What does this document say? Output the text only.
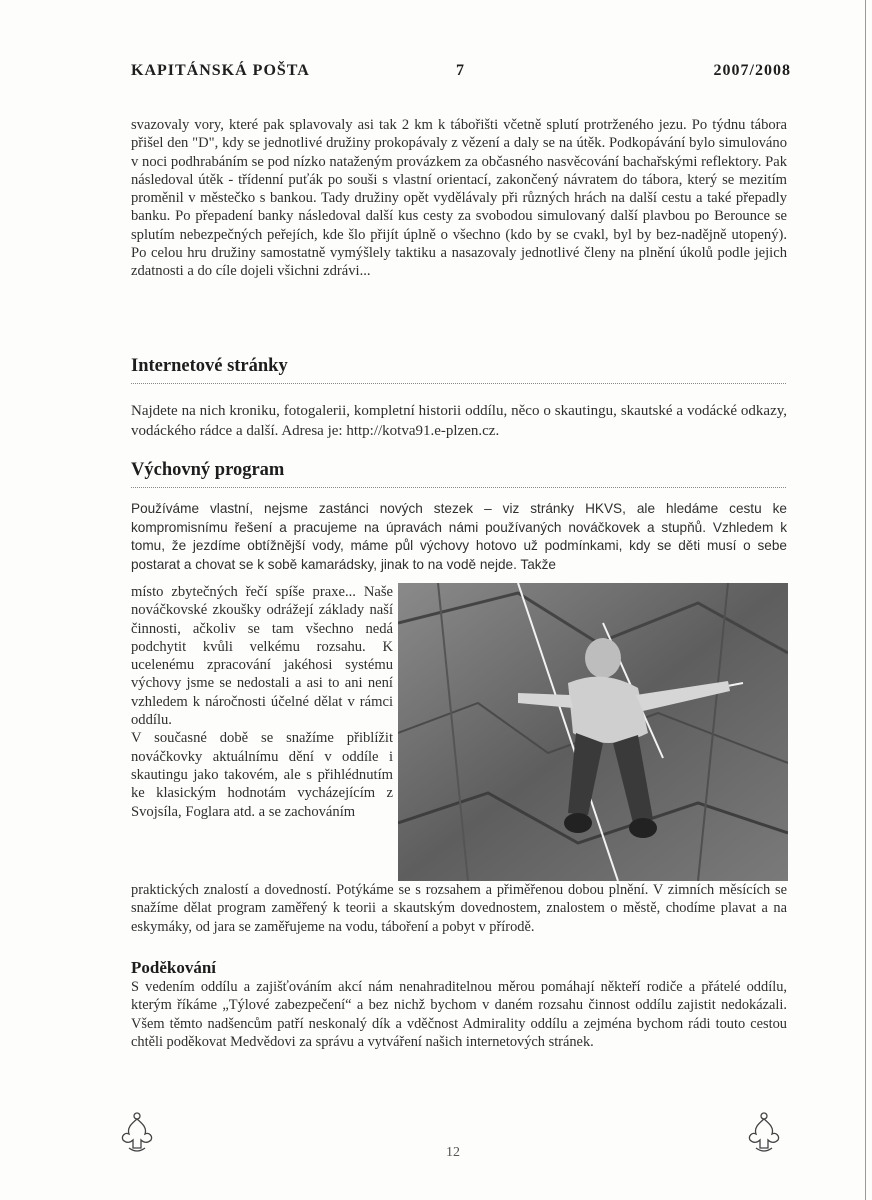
KAPITÁNSKÁ POŠTA	7	2007/2008
svazovaly vory, které pak splavovaly asi tak 2 km k tábořišti včetně splutí protrženého jezu. Po týdnu tábora přišel den "D", kdy se jednotlivé družiny prokopávaly z vězení a daly se na útěk. Podkopávání bylo simulováno v noci podhrabáním se pod nízko nataženým provázkem za občasného nasvěcování bachařskými reflektory. Pak následoval útěk - třídenní puťák po souši s vlastní orientací, zakončený návratem do tábora, který se mezitím proměnil v městečko s bankou. Tady družiny opět vydělávaly při různých hrách na další cestu a také přepadly banku. Po přepadení banky následoval další kus cesty za svobodou simulovaný další plavbou po Berounce se splutím nebezpečných peřejích, kde šlo přijít úplně o všechno (kdo by se cvakl, byl by bez-nadějně utopený). Po celou hru družiny samostatně vymýšlely taktiku a nasazovaly jednotlivé členy na plnění úkolů podle jejich zdatnosti a do cíle dojeli všichni zdrávi...
Internetové stránky
Najdete na nich kroniku, fotogalerii, kompletní historii oddílu, něco o skautingu, skautské a vodácké odkazy, vodáckého rádce a další. Adresa je: http://kotva91.e-plzen.cz.
Výchovný program
Používáme vlastní, nejsme zastánci nových stezek – viz stránky HKVS, ale hledáme cestu ke kompromisnímu řešení a pracujeme na úpravách námi používaných nováčkovek a stupňů. Vzhledem k tomu, že jezdíme obtížnější vody, máme půl výchovy hotovo už podmínkami, kdy se děti musí o sebe postarat a chovat se k sobě kamarádsky, jinak to na vodě nejde. Takže

místo zbytečných řečí spíše praxe... Naše nováčkovské zkoušky odrážejí základy naší činnosti, ačkoliv se tam všechno nedá podchytit kvůli velkému rozsahu. K ucelenému zpracování jakéhosi systému výchovy jsme se nedostali a asi to ani není vzhledem k náročnosti účelné dělat v rámci oddílu.

V současné době se snažíme přiblížit nováčkovky aktuálnímu dění v oddíle i skautingu jako takovém, ale s přihlédnutím ke klasickým hodnotám vycházejícím z Svojsíla, Foglara atd. a se zachováním

praktických znalostí a dovedností. Potýkáme se s rozsahem a přiměřenou dobou plnění. V zimních měsících se snažíme dělat program zaměřený k teorii a skautským dovednostem, znalostem o městě, chodíme plavat a na eskymáky, od jara se zaměřujeme na vodu, táboření a pobyt v přírodě.
Poděkování
S vedením oddílu a zajišťováním akcí nám nenahraditelnou měrou pomáhají někteří rodiče a přátelé oddílu, kterým říkáme „Týlové zabezpečení“ a bez nichž bychom v daném rozsahu činnost oddílu zajistit nedokázali. Všem těmto nadšencům patří neskonalý dík a vděčnost Admirality oddílu a zejména bychom rádi touto cestou chtěli poděkovat Medvědovi za správu a vytváření našich internetových stránek.
12
